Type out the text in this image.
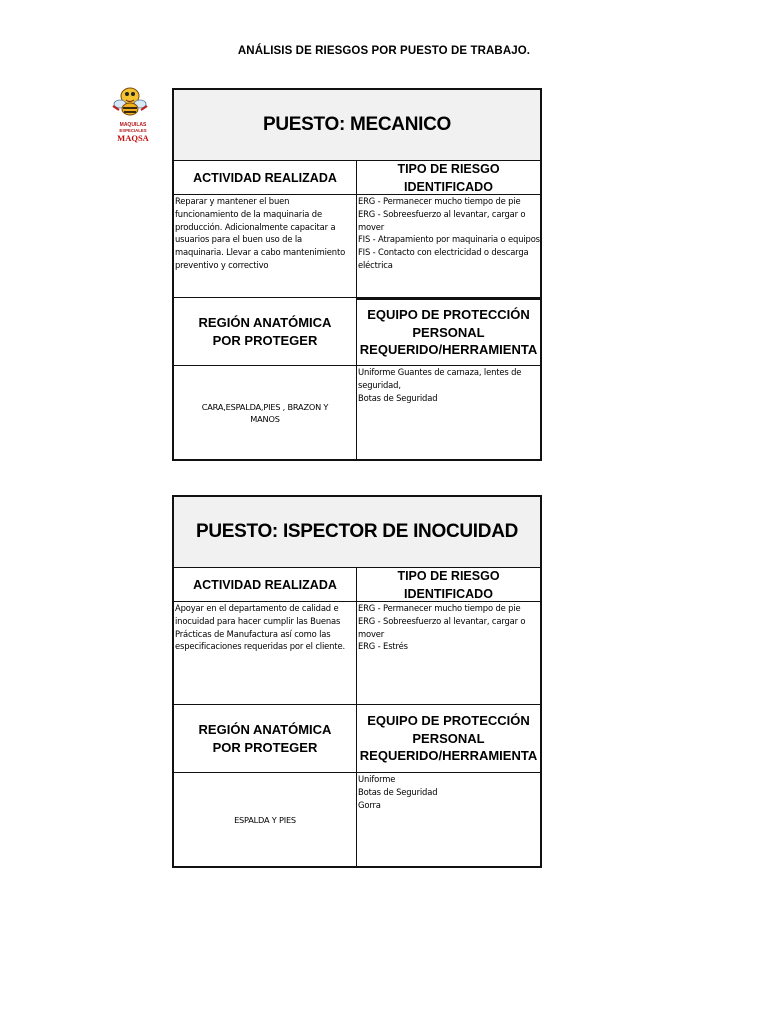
ANÁLISIS DE RIESGOS POR PUESTO DE TRABAJO.
MAQUILAS
ESPECIALES
MAQSA
PUESTO: MECANICO
ACTIVIDAD REALIZADA
TIPO DE RIESGO
IDENTIFICADO
Reparar y mantener el buen
funcionamiento de la maquinaria de
producción. Adicionalmente capacitar a
usuarios para el buen uso de la
maquinaria. Llevar a cabo mantenimiento
preventivo y correctivo
ERG - Permanecer mucho tiempo de pie
ERG - Sobreesfuerzo al levantar, cargar o
mover
FIS - Atrapamiento por maquinaria o equipos
FIS - Contacto con electricidad o descarga
eléctrica
REGIÓN ANATÓMICA
POR PROTEGER
EQUIPO DE PROTECCIÓN
PERSONAL
REQUERIDO/HERRAMIENTA
CARA,ESPALDA,PIES , BRAZON Y MANOS
Uniforme Guantes de carnaza, lentes de
seguridad,
Botas de Seguridad
PUESTO: ISPECTOR DE INOCUIDAD
ACTIVIDAD REALIZADA
TIPO DE RIESGO
IDENTIFICADO
Apoyar en el departamento de calidad e
inocuidad para hacer cumplir las Buenas
Prácticas de Manufactura así como las
especificaciones requeridas por el cliente.
ERG - Permanecer mucho tiempo de pie
ERG - Sobreesfuerzo al levantar, cargar o
mover
ERG - Estrés
REGIÓN ANATÓMICA
POR PROTEGER
EQUIPO DE PROTECCIÓN
PERSONAL
REQUERIDO/HERRAMIENTA
ESPALDA Y PIES
Uniforme
Botas de Seguridad
Gorra
